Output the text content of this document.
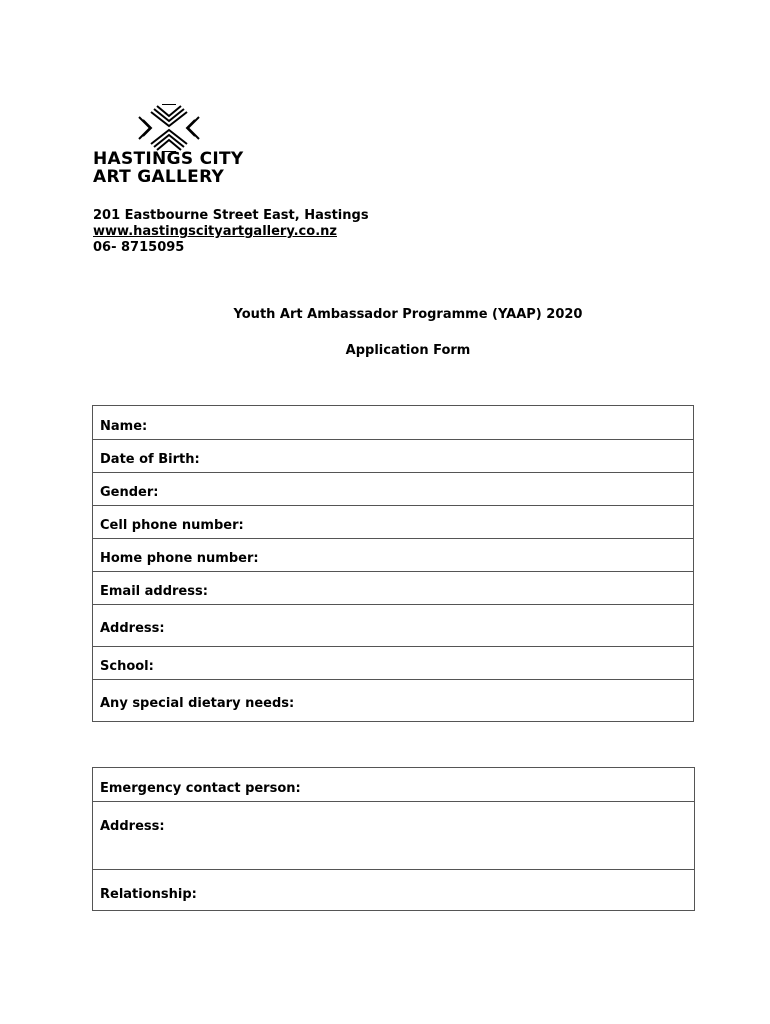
HASTINGS CITY
ART GALLERY
201 Eastbourne Street East, Hastings
www.hastingscityartgallery.co.nz
06- 8715095
Youth Art Ambassador Programme (YAAP) 2020
Application Form
Name:
Date of Birth:
Gender:
Cell phone number:
Home phone number:
Email address:
Address:
School:
Any special dietary needs:
Emergency contact person:
Address:
Relationship:
